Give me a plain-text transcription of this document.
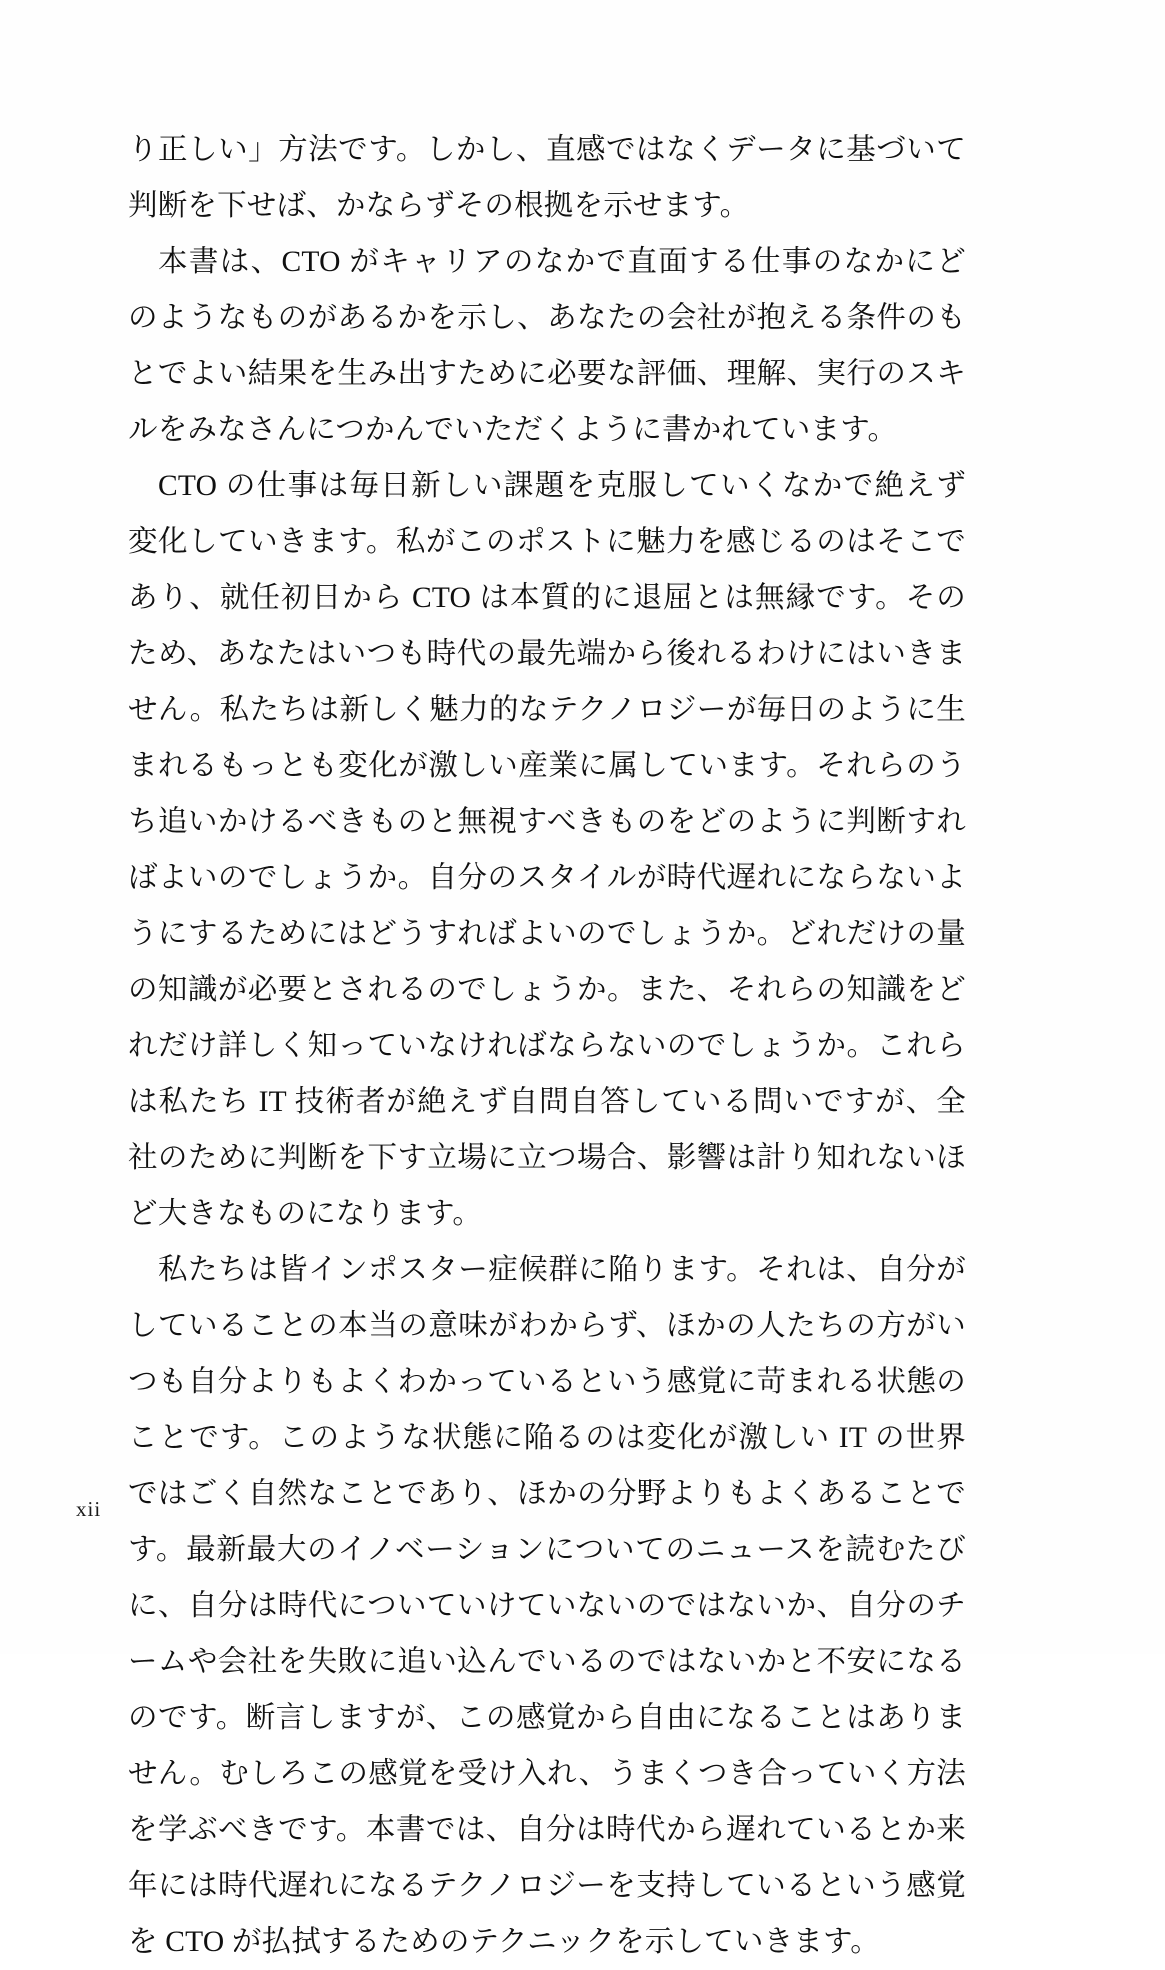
り正しい」方法です。しかし、直感ではなくデータに基づいて判断を下せば、かならずその根拠を示せます。

本書は、CTO がキャリアのなかで直面する仕事のなかにどのようなものがあるかを示し、あなたの会社が抱える条件のもとでよい結果を生み出すために必要な評価、理解、実行のスキルをみなさんにつかんでいただくように書かれています。

CTO の仕事は毎日新しい課題を克服していくなかで絶えず変化していきます。私がこのポストに魅力を感じるのはそこであり、就任初日から CTO は本質的に退屈とは無縁です。そのため、あなたはいつも時代の最先端から後れるわけにはいきません。私たちは新しく魅力的なテクノロジーが毎日のように生まれるもっとも変化が激しい産業に属しています。それらのうち追いかけるべきものと無視すべきものをどのように判断すればよいのでしょうか。自分のスタイルが時代遅れにならないようにするためにはどうすればよいのでしょうか。どれだけの量の知識が必要とされるのでしょうか。また、それらの知識をどれだけ詳しく知っていなければならないのでしょうか。これらは私たち IT 技術者が絶えず自問自答している問いですが、全社のために判断を下す立場に立つ場合、影響は計り知れないほど大きなものになります。

私たちは皆インポスター症候群に陥ります。それは、自分がしていることの本当の意味がわからず、ほかの人たちの方がいつも自分よりもよくわかっているという感覚に苛まれる状態のことです。このような状態に陥るのは変化が激しい IT の世界ではごく自然なことであり、ほかの分野よりもよくあることです。最新最大のイノベーションについてのニュースを読むたびに、自分は時代についていけていないのではないか、自分のチームや会社を失敗に追い込んでいるのではないかと不安になるのです。断言しますが、この感覚から自由になることはありません。むしろこの感覚を受け入れ、うまくつき合っていく方法を学ぶべきです。本書では、自分は時代から遅れているとか来年には時代遅れになるテクノロジーを支持しているという感覚を CTO が払拭するためのテクニックを示していきます。

xii
